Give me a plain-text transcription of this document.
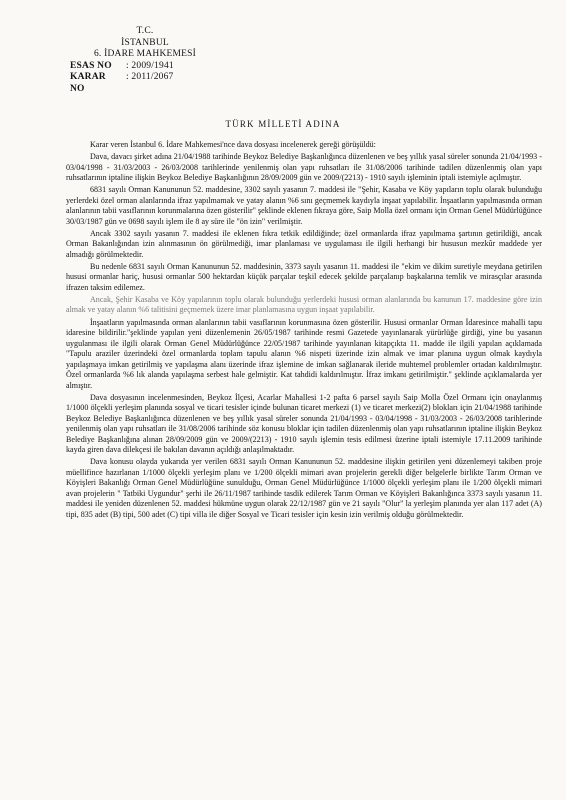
T.C.
İSTANBUL
6. İDARE MAHKEMESİ
ESAS NO	: 2009/1941
KARAR NO
: 2011/2067
TÜRK MİLLETİ ADINA

Karar veren İstanbul 6. İdare Mahkemesi'nce dava dosyası incelenerek gereği görüşüldü:

Dava, davacı şirket adına 21/04/1988 tarihinde Beykoz Belediye Başkanlığınca düzenlenen ve beş yıllık yasal süreler sonunda 21/04/1993 - 03/04/1998 - 31/03/2003 - 26/03/2008 tarihlerinde yenilenmiş olan yapı ruhsatları ile 31/08/2006 tarihinde tadilen düzenlenmiş olan yapı ruhsatlarının iptaline ilişkin Beykoz Belediye Başkanlığının 28/09/2009 gün ve 2009/(2213) - 1910 sayılı işleminin iptali istemiyle açılmıştır.

6831 sayılı Orman Kanununun 52. maddesine, 3302 sayılı yasanın 7. maddesi ile "Şehir, Kasaba ve Köy yapıların toplu olarak bulunduğu yerlerdeki özel orman alanlarında ifraz yapılmamak ve yatay alanın %6 sını geçmemek kaydıyla inşaat yapılabilir. İnşaatların yapılmasında orman alanlarının tabii vasıflarının korunmalarına özen gösterilir" şeklinde eklenen fıkraya göre, Saip Molla özel ormanı için Orman Genel Müdürlüğünce 30/03/1987 gün ve 0698 sayılı işlem ile 8 ay süre ile "ön izin" verilmiştir.

Ancak 3302 sayılı yasanın 7. maddesi ile eklenen fıkra tetkik edildiğinde; özel ormanlarda ifraz yapılmama şartının getirildiği, ancak Orman Bakanlığından izin alınmasının ön görülmediği, imar planlaması ve uygulaması ile ilgili herhangi bir hususun mezkûr maddede yer almadığı görülmektedir.

Bu nedenle 6831 sayılı Orman Kanununun 52. maddesinin, 3373 sayılı yasanın 11. maddesi ile "ekim ve dikim suretiyle meydana getirilen hususi ormanlar hariç, hususi ormanlar 500 hektardan küçük parçalar teşkil edecek şekilde parçalanıp başkalarına temlik ve mirasçılar arasında ifrazen taksim edilemez.

Ancak, Şehir Kasaba ve Köy yapılarının toplu olarak bulunduğu yerlerdeki hususi orman alanlarında bu kanunun 17. maddesine göre izin almak ve yatay alanın %6 talitisini geçmemek üzere imar planlamasına uygun inşaat yapılabilir.

İnşaatların yapılmasında orman alanlarının tabii vasıflarının korunmasına özen gösterilir. Hususi ormanlar Orman İdaresince mahalli tapu idaresine bildirilir."şeklinde yapılan yeni düzenlemenin 26/05/1987 tarihinde resmi Gazetede yayınlanarak yürürlüğe girdiği, yine bu yasanın uygulanması ile ilgili olarak Orman Genel Müdürlüğünce 22/05/1987 tarihinde yayınlanan kitapçıkta 11. madde ile ilgili yapılan açıklamada "Tapulu araziler üzerindeki özel ormanlarda toplam tapulu alanın %6 nispeti üzerinde izin almak ve imar planına uygun olmak kaydıyla yapılaşmaya imkan getirilmiş ve yapılaşma alanı üzerinde ifraz işlemine de imkan sağlanarak ileride muhtemel problemler ortadan kaldırılmıştır. Özel ormanlarda %6 lık alanda yapılaşma serbest hale gelmiştir. Kat tahdidi kaldırılmıştır. İfraz imkanı getirilmiştir." şeklinde açıklamalarda yer almıştır.

Dava dosyasının incelenmesinden, Beykoz İlçesi, Acarlar Mahallesi 1-2 pafta 6 parsel sayılı Saip Molla Özel Ormanı için onaylanmış 1/1000 ölçekli yerleşim planında sosyal ve ticari tesisler içinde bulunan ticaret merkezi (1) ve ticaret merkezi(2) blokları için 21/04/1988 tarihinde Beykoz Belediye Başkanlığınca düzenlenen ve beş yıllık yasal süreler sonunda 21/04/1993 - 03/04/1998 - 31/03/2003 - 26/03/2008 tarihlerinde yenilenmiş olan yapı ruhsatları ile 31/08/2006 tarihinde söz konusu bloklar için tadilen düzenlenmiş olan yapı ruhsatlarının iptaline ilişkin Beykoz Belediye Başkanlığına alınan 28/09/2009 gün ve 2009/(2213) - 1910 sayılı işlemin tesis edilmesi üzerine iptali istemiyle 17.11.2009 tarihinde kayda giren dava dilekçesi ile bakılan davanın açıldığı anlaşılmaktadır.

Dava konusu olayda yukarıda yer verilen 6831 sayılı Orman Kanununun 52. maddesine ilişkin getirilen yeni düzenlemeyi takiben proje müellifince hazırlanan 1/1000 ölçekli yerleşim planı ve 1/200 ölçekli mimari avan projelerin gerekli diğer belgelerle birlikte Tarım Orman ve Köyişleri Bakanlığı Orman Genel Müdürlüğüne sunulduğu, Orman Genel Müdürlüğünce 1/1000 ölçekli yerleşim planı ile 1/200 ölçekli mimari avan projelerin " Tatbiki Uygundur" şerhi ile 26/11/1987 tarihinde tasdik edilerek Tarım Orman ve Köyişleri Bakanlığınca 3373 sayılı yasanın 11. maddesi ile yeniden düzenlenen 52. maddesi hükmüne uygun olarak 22/12/1987 gün ve 21 sayılı "Olur" la yerleşim planında yer alan 117 adet (A) tipi, 835 adet (B) tipi, 500 adet (C) tipi villa ile diğer Sosyal ve Ticari tesisler için kesin izin verilmiş olduğu görülmektedir.
